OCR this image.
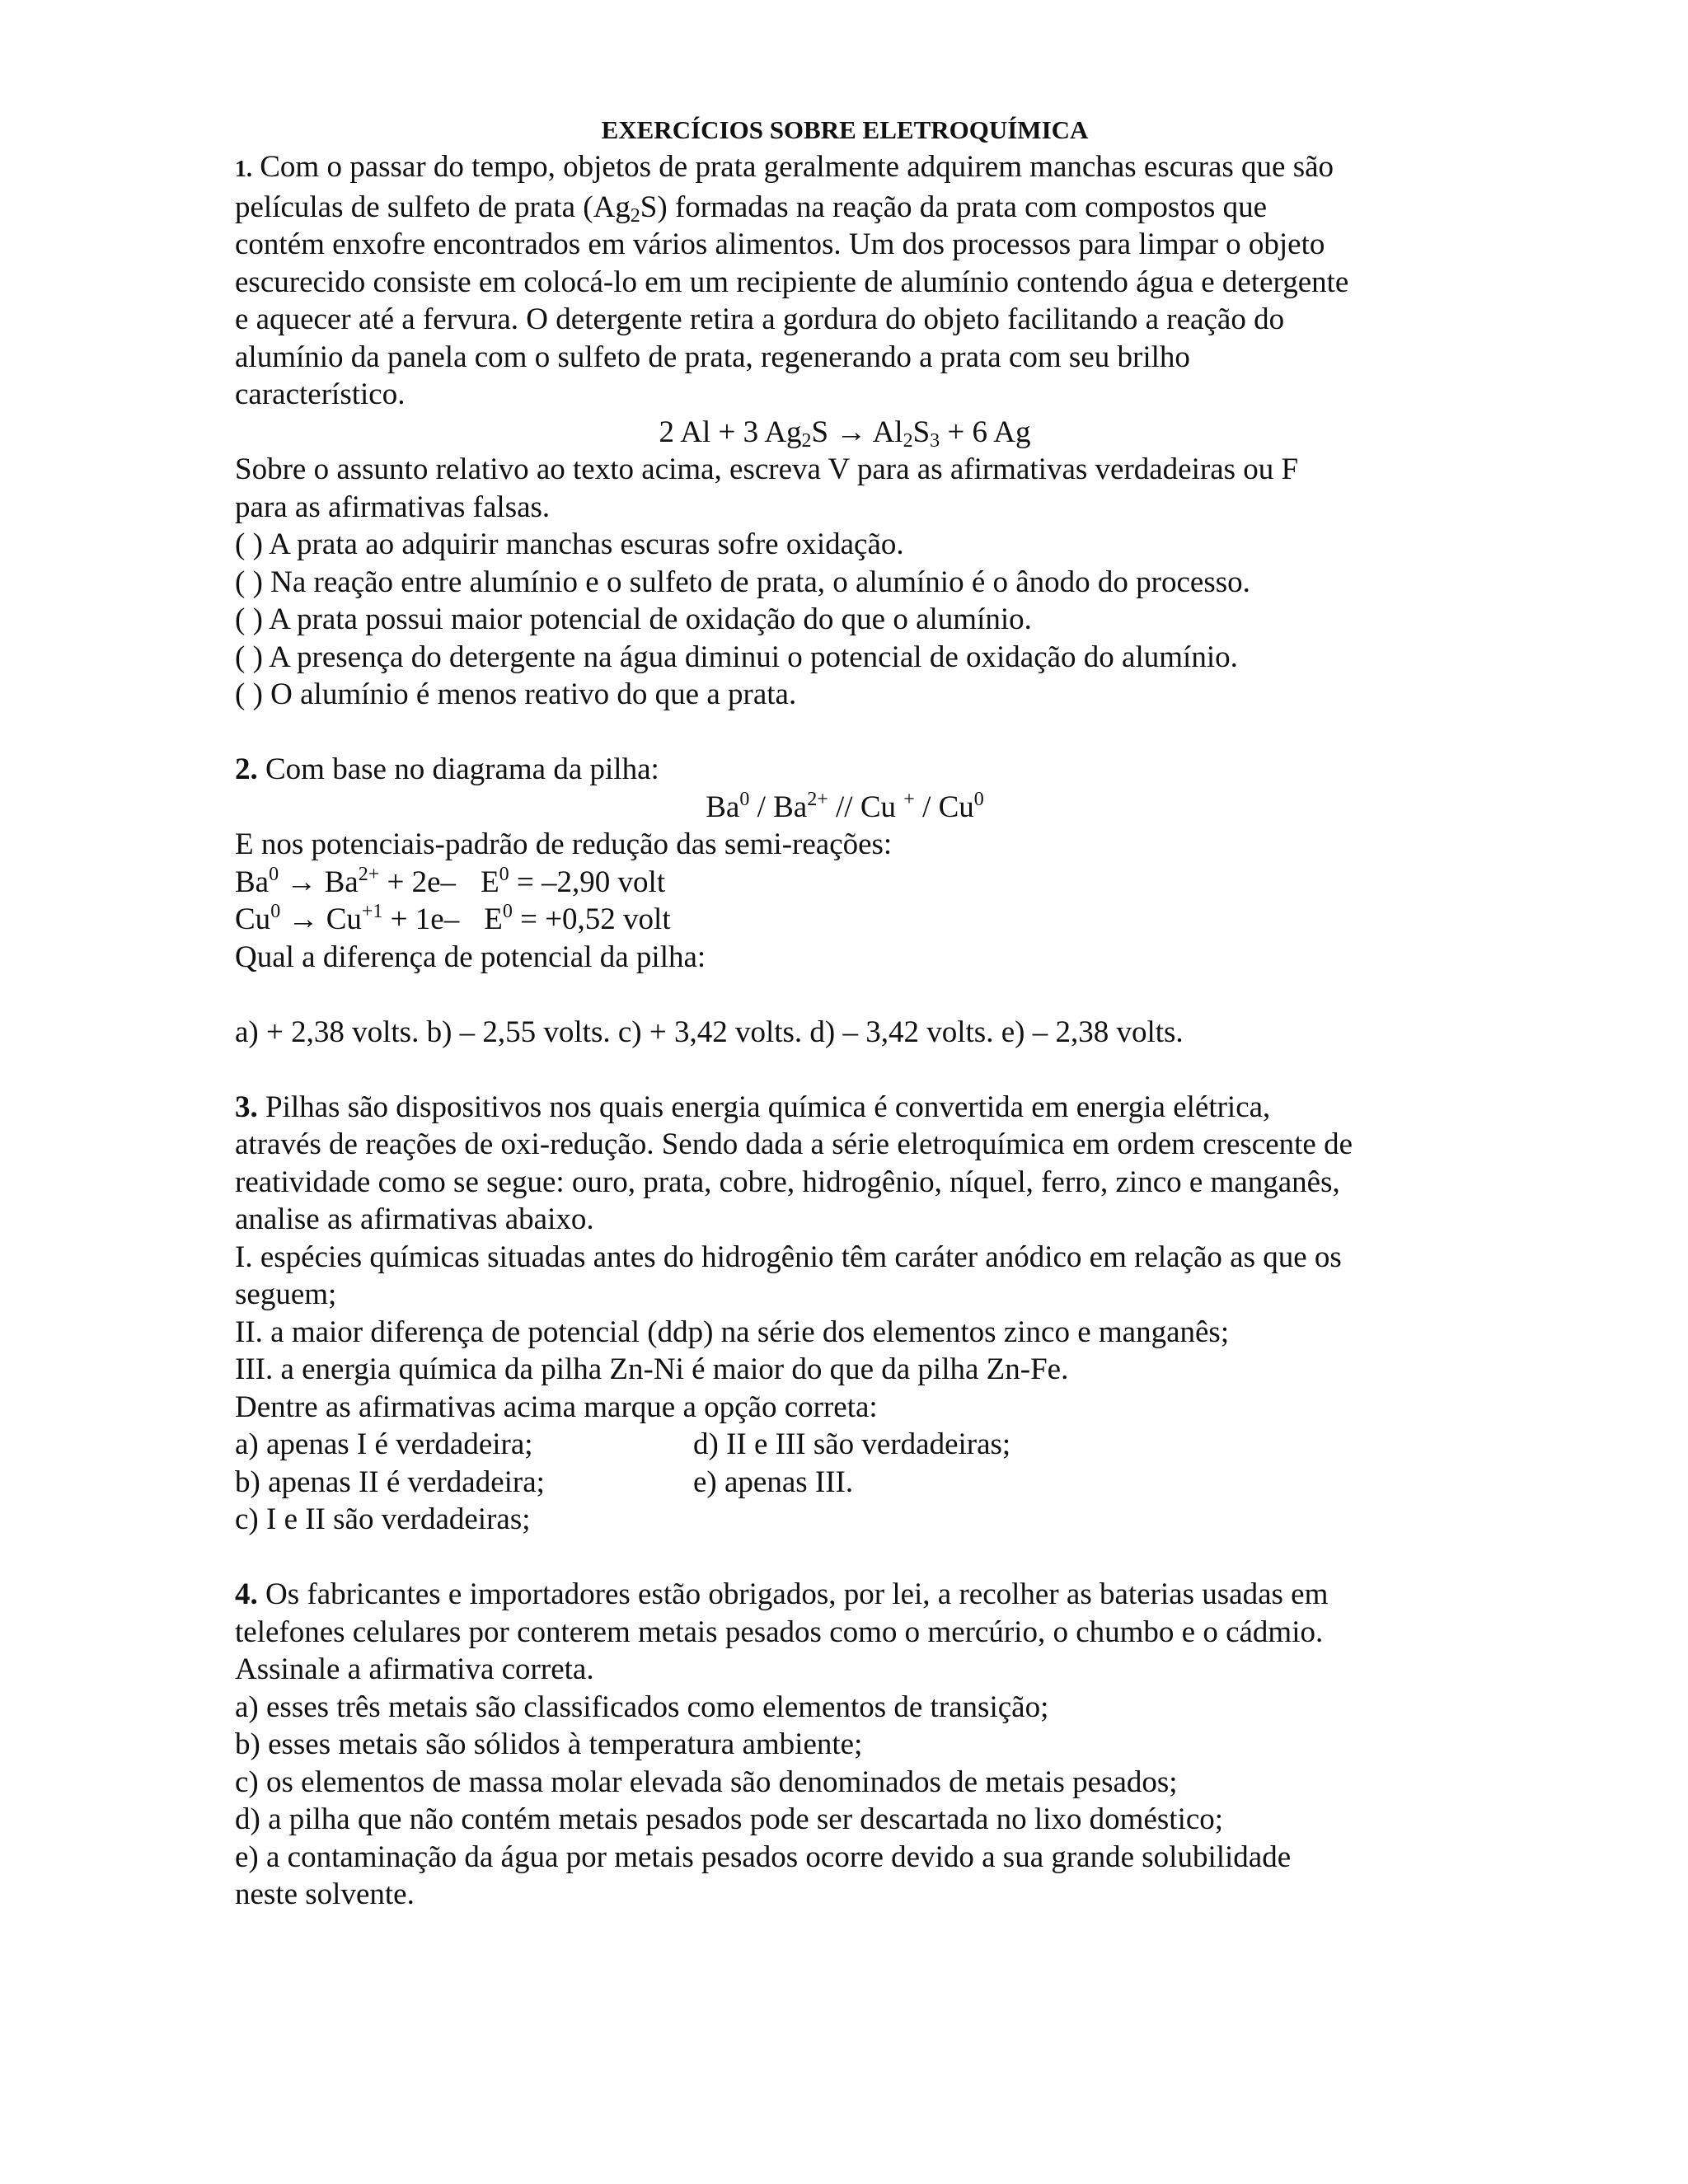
EXERCÍCIOS SOBRE ELETROQUÍMICA

1. Com o passar do tempo, objetos de prata geralmente adquirem manchas escuras que são

películas de sulfeto de prata $(Ag_2S)$ formadas na reação da prata com compostos que

contém enxofre encontrados em vários alimentos. Um dos processos para limpar o objeto

escurecido consiste em colocá-lo em um recipiente de alumínio contendo água e detergente

e aquecer até a fervura. O detergente retira a gordura do objeto facilitando a reação do

alumínio da panela com o sulfeto de prata, regenerando a prata com seu brilho

característico.

2 Al + 3 $Ag_2S \to Al_2S_3 + 6$ Ag

Sobre o assunto relativo ao texto acima, escreva V para as afirmativas verdadeiras ou F

para as afirmativas falsas.

( ) A prata ao adquirir manchas escuras sofre oxidação.

( ) Na reação entre alumínio e o sulfeto de prata, o alumínio é o ânodo do processo.

( ) A prata possui maior potencial de oxidação do que o alumínio.

( ) A presença do detergente na água diminui o potencial de oxidação do alumínio.

( ) O alumínio é menos reativo do que a prata.

2. Com base no diagrama da pilha:

$Ba^0 / Ba^{2+}$ // Cu + / Cu$^0$

E nos potenciais-padrão de redução das semi-reações:

$Ba^0 \to Ba^{2+} + 2e-$ $E^0 = -2,90$ volt

$Cu^0 \to Cu^{+1} + 1e-$ $E^0 = +0,52$ volt

Qual a diferença de potencial da pilha:

a) + 2,38 volts. b) – 2,55 volts. c) + 3,42 volts. d) – 3,42 volts. e) – 2,38 volts.

3. Pilhas são dispositivos nos quais energia química é convertida em energia elétrica,

através de reações de oxi-redução. Sendo dada a série eletroquímica em ordem crescente de

reatividade como se segue: ouro, prata, cobre, hidrogênio, níquel, ferro, zinco e manganês,

analise as afirmativas abaixo.

I. espécies químicas situadas antes do hidrogênio têm caráter anódico em relação as que os

seguem;

II. a maior diferença de potencial (ddp) na série dos elementos zinco e manganês;

III. a energia química da pilha Zn-Ni é maior do que da pilha Zn-Fe.

Dentre as afirmativas acima marque a opção correta:

a) apenas I é verdadeira;	d) II e III são verdadeiras;
b) apenas II é verdadeira;	e) apenas III.
c) I e II são verdadeiras;

4. Os fabricantes e importadores estão obrigados, por lei, a recolher as baterias usadas em

telefones celulares por conterem metais pesados como o mercúrio, o chumbo e o cádmio.

Assinale a afirmativa correta.

a) esses três metais são classificados como elementos de transição;

b) esses metais são sólidos à temperatura ambiente;

c) os elementos de massa molar elevada são denominados de metais pesados;

d) a pilha que não contém metais pesados pode ser descartada no lixo doméstico;

e) a contaminação da água por metais pesados ocorre devido a sua grande solubilidade

neste solvente.
